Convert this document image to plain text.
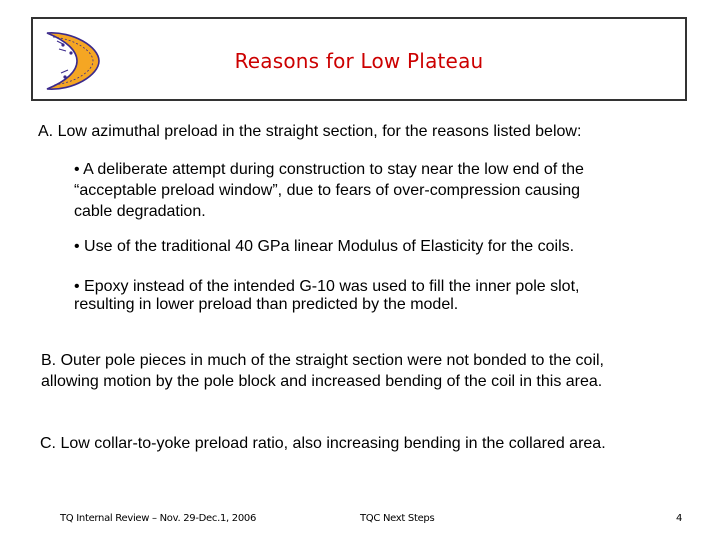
Reasons for Low Plateau
A. Low azimuthal preload in the straight section, for the reasons listed below:
• A deliberate attempt during construction to stay near the low end of the
“acceptable preload window”, due to fears of over-compression causing
cable degradation.
• Use of the traditional 40 GPa linear Modulus of Elasticity for the coils.
• Epoxy instead of the intended G-10 was used to fill the inner pole slot,
resulting in lower preload than predicted by the model.
B. Outer pole pieces in much of the straight section were not bonded to the coil,
allowing motion by the pole block and increased bending of the coil in this area.
C. Low collar-to-yoke preload ratio, also increasing bending in the collared area.
TQ Internal Review – Nov. 29-Dec.1, 2006	TQC Next Steps	4
